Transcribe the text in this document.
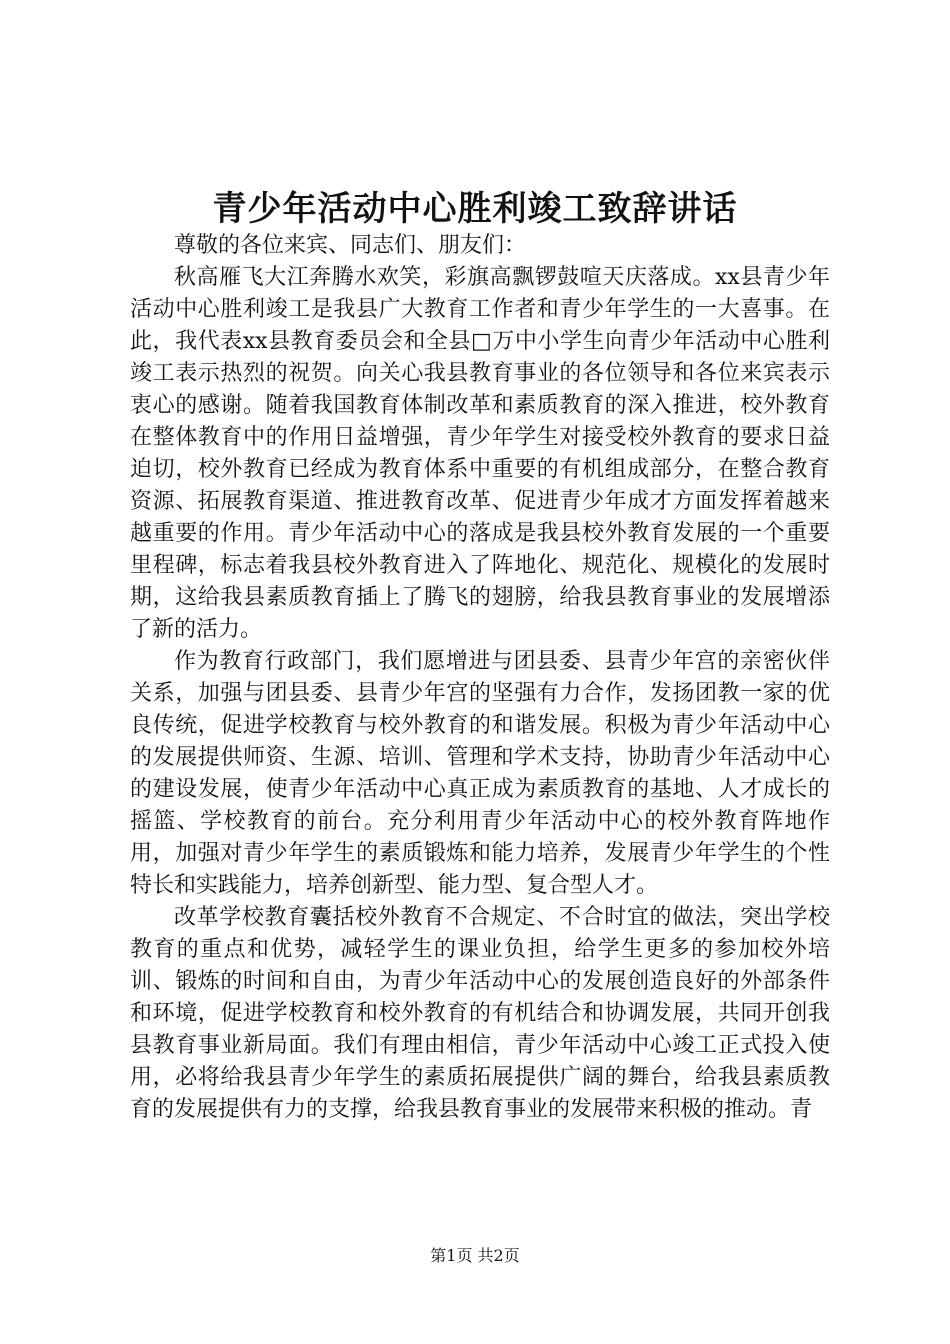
青少年活动中心胜利竣工致辞讲话

尊敬的各位来宾、同志们、朋友们：

秋高雁飞大江奔腾水欢笑，彩旗高飘锣鼓喧天庆落成。xx县青少年活动中心胜利竣工是我县广大教育工作者和青少年学生的一大喜事。在此，我代表xx县教育委员会和全县□万中小学生向青少年活动中心胜利竣工表示热烈的祝贺。向关心我县教育事业的各位领导和各位来宾表示衷心的感谢。随着我国教育体制改革和素质教育的深入推进，校外教育在整体教育中的作用日益增强，青少年学生对接受校外教育的要求日益迫切，校外教育已经成为教育体系中重要的有机组成部分，在整合教育资源、拓展教育渠道、推进教育改革、促进青少年成才方面发挥着越来越重要的作用。青少年活动中心的落成是我县校外教育发展的一个重要里程碑，标志着我县校外教育进入了阵地化、规范化、规模化的发展时期，这给我县素质教育插上了腾飞的翅膀，给我县教育事业的发展增添了新的活力。

作为教育行政部门，我们愿增进与团县委、县青少年宫的亲密伙伴关系，加强与团县委、县青少年宫的坚强有力合作，发扬团教一家的优良传统，促进学校教育与校外教育的和谐发展。积极为青少年活动中心的发展提供师资、生源、培训、管理和学术支持，协助青少年活动中心的建设发展，使青少年活动中心真正成为素质教育的基地、人才成长的摇篮、学校教育的前台。充分利用青少年活动中心的校外教育阵地作用，加强对青少年学生的素质锻炼和能力培养，发展青少年学生的个性特长和实践能力，培养创新型、能力型、复合型人才。

改革学校教育囊括校外教育不合规定、不合时宜的做法，突出学校教育的重点和优势，减轻学生的课业负担，给学生更多的参加校外培训、锻炼的时间和自由，为青少年活动中心的发展创造良好的外部条件和环境，促进学校教育和校外教育的有机结合和协调发展，共同开创我县教育事业新局面。我们有理由相信，青少年活动中心竣工正式投入使用，必将给我县青少年学生的素质拓展提供广阔的舞台，给我县素质教育的发展提供有力的支撑，给我县教育事业的发展带来积极的推动。青

第1页 共2页
